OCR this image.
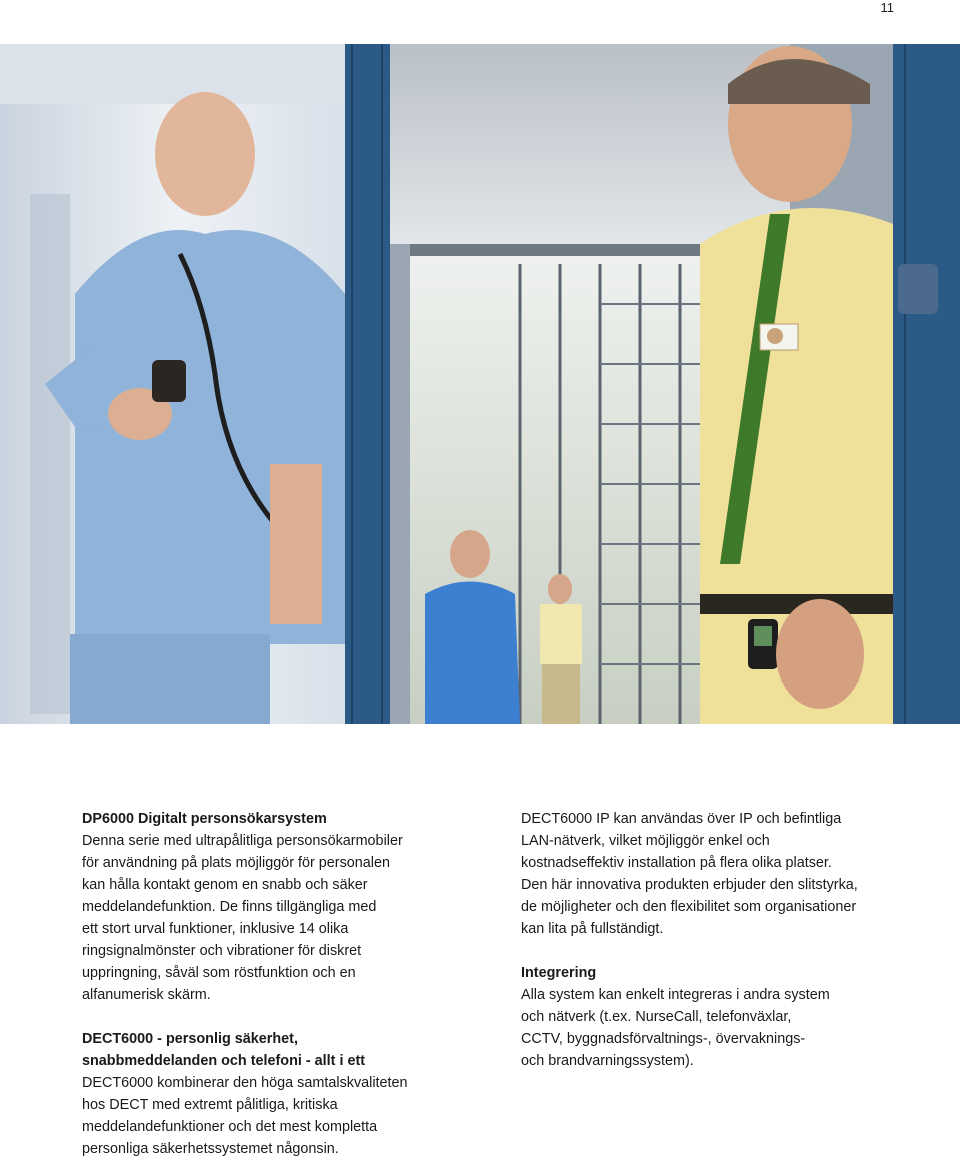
11

DP6000 Digitalt personsökarsystem

Denna serie med ultrapålitliga personsökarmobiler

för användning på plats möjliggör för personalen

kan hålla kontakt genom en snabb och säker

meddelandefunktion. De finns tillgängliga med

ett stort urval funktioner, inklusive 14 olika

ringsignalmönster och vibrationer för diskret

uppringning, såväl som röstfunktion och en

alfanumerisk skärm.

DECT6000 - personlig säkerhet,

snabbmeddelanden och telefoni - allt i ett

DECT6000 kombinerar den höga samtalskvaliteten

hos DECT med extremt pålitliga, kritiska

meddelandefunktioner och det mest kompletta

personliga säkerhetssystemet någonsin.

DECT6000 IP kan användas över IP och befintliga

LAN-nätverk, vilket möjliggör enkel och

kostnadseffektiv installation på flera olika platser.

Den här innovativa produkten erbjuder den slitstyrka,

de möjligheter och den flexibilitet som organisationer

kan lita på fullständigt.

Integrering

Alla system kan enkelt integreras i andra system

och nätverk (t.ex. NurseCall, telefonväxlar,

CCTV, byggnadsförvaltnings-, övervaknings-

och brandvarningssystem).
